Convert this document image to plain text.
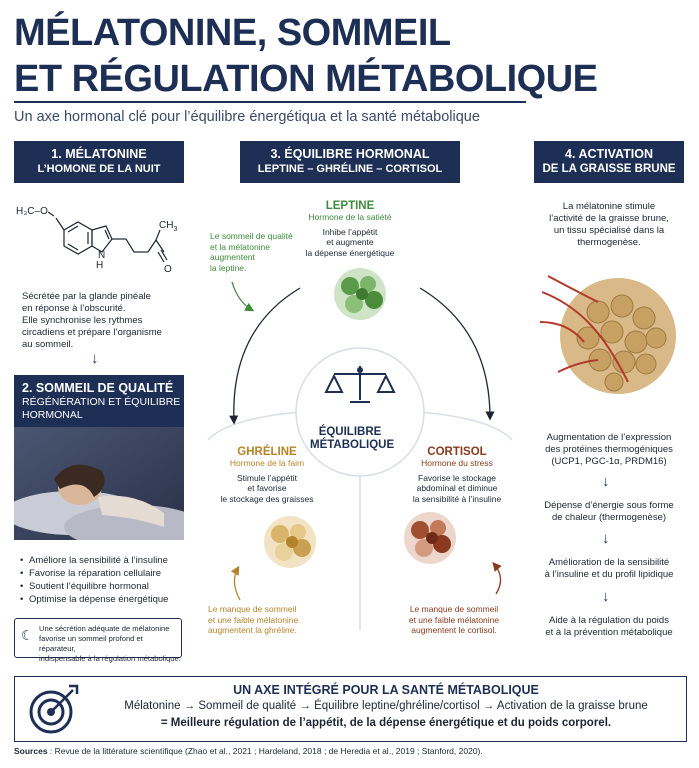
MÉLATONINE, SOMMEIL
ET RÉGULATION MÉTABOLIQUE
Un axe hormonal clé pour l’équilibre énergétiqua et la santé métabolique
1. MÉLATONINE
L’HOMONE DE LA NUIT
H₃C–O
H
N
$CH_3$
O
Sécrétée par la glande pinéale
en réponse à l’obscurité.
Elle synchronise les rythmes
circadiens et prépare l’organisme
au sommeil.
↓
2. SOMMEIL DE QUALITÉ
RÉGÉNÉRATION ET ÉQUILIBRE
HORMONAL
• Améliore la sensibilité à l’insuline
• Favorise la réparation cellulaire
• Soutient l’équilibre hormonal
• Optimise la dépense énergétique
☾ Une sécrétion adéquate de mélatonine
favorise un sommeil profond et réparateur,
indispensable à la régulation métabolique.
3. ÉQUILIBRE HORMONAL
LEPTINE – GHRÉLINE – CORTISOL
LEPTINE
Hormone de la satiété
Inhibe l’appétit
et augmente
la dépense énergétique
Le sommeil de qualité
et la mélatonine
augmentent
la leptine.
ÉQUILIBRE
MÉTABOLIQUE
GHRÉLINE
Hormone de la faim
Stimule l’appétit
et favorise
le stockage des graisses
Le manque de sommeil
et une faible mélatonine
augmentent la ghréline.
CORTISOL
Hormone du stress
Favorise le stockage
abdominal et diminue
la sensibilité à l’insuline
Le manque de sommeil
et une faible mélatonine
augmentent le cortisol.
4. ACTIVATION
DE LA GRAISSE BRUNE
La mélatonine stimule
l’activité de la graisse brune,
un tissu spécialisé dans la
thermogenèse.
Augmentation de l’expression
des protéines thermogéniques
(UCP1, PGC-1α, PRDM16)
↓
Dépense d’énergie sous forme
de chaleur (thermogenèse)
↓
Amélioration de la sensibilité
à l’insuline et du profil lipidique
↓
Aide à la régulation du poids
et à la prévention métabolique
UN AXE INTÉGRÉ POUR LA SANTÉ MÉTABOLIQUE
Mélatonine → Sommeil de qualité → Équilibre leptine/ghréline/cortisol → Activation de la graisse brune
= Meilleure régulation de l’appétit, de la dépense énergétique et du poids corporel.
Sources : Revue de la littérature scientifique (Zhao et al., 2021 ; Hardeland, 2018 ; de Heredia et al., 2019 ; Stanford, 2020).
